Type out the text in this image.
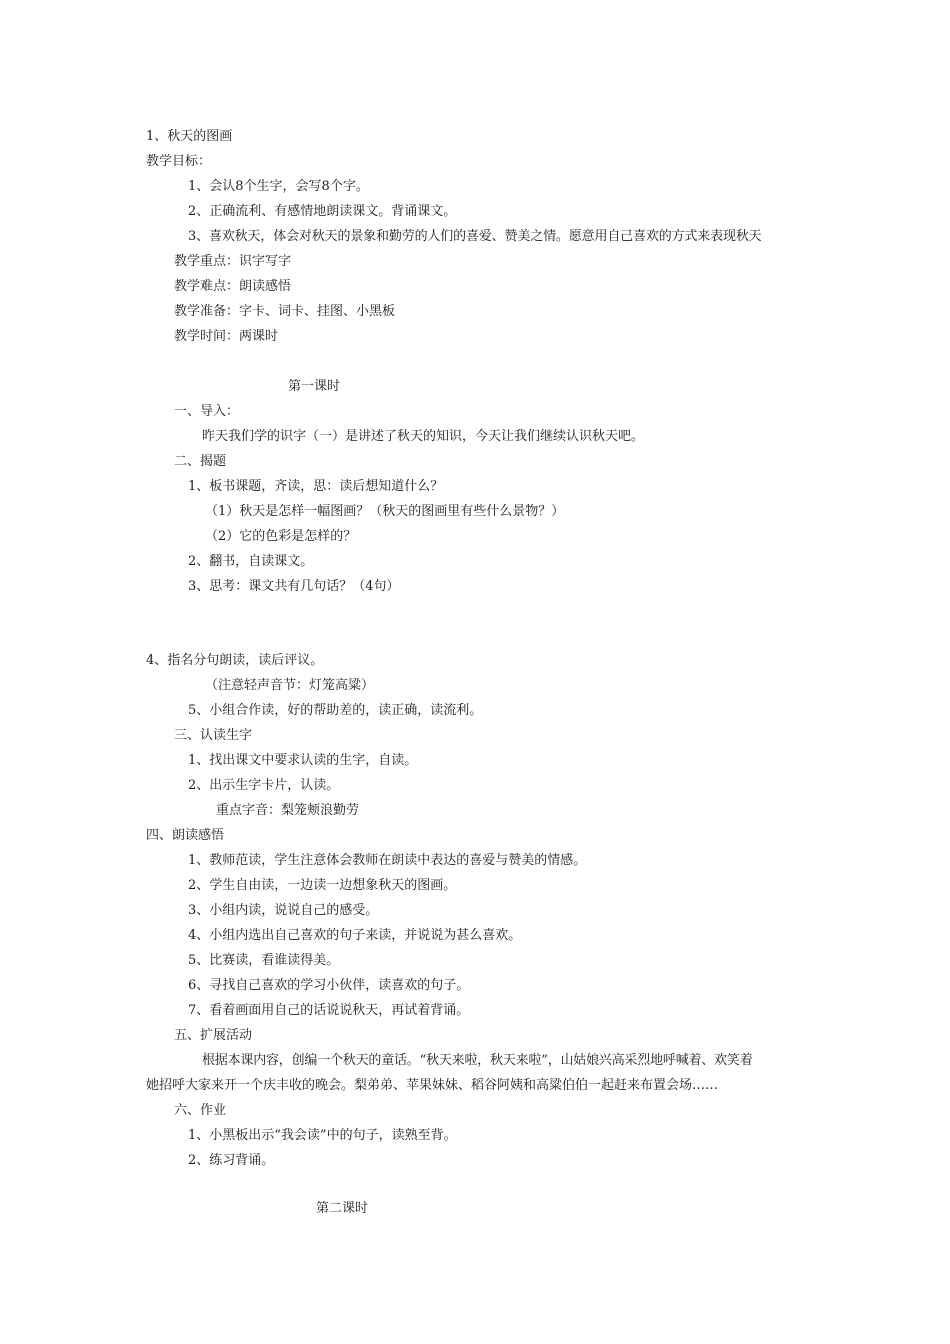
1、秋天的图画
教学目标：
1、会认8个生字，会写8个字。
2、正确流利、有感情地朗读课文。背诵课文。
3、喜欢秋天，体会对秋天的景象和勤劳的人们的喜爱、赞美之情。愿意用自己喜欢的方式来表现秋天
教学重点：识字写字
教学难点：朗读感悟
教学准备：字卡、词卡、挂图、小黑板
教学时间：两课时
第一课时
一、导入：
昨天我们学的识字（一）是讲述了秋天的知识，今天让我们继续认识秋天吧。
二、揭题
1、板书课题，齐读，思：读后想知道什么？
（1）秋天是怎样一幅图画？（秋天的图画里有些什么景物？）
（2）它的色彩是怎样的？
2、翻书，自读课文。
3、思考：课文共有几句话？（4句）
4、指名分句朗读，读后评议。
（注意轻声音节：灯笼高粱）
5、小组合作读，好的帮助差的，读正确，读流利。
三、认读生字
1、找出课文中要求认读的生字，自读。
2、出示生字卡片，认读。
重点字音：梨笼颊浪勤劳
四、朗读感悟
1、教师范读，学生注意体会教师在朗读中表达的喜爱与赞美的情感。
2、学生自由读，一边读一边想象秋天的图画。
3、小组内读，说说自己的感受。
4、小组内选出自己喜欢的句子来读，并说说为甚么喜欢。
5、比赛读，看谁读得美。
6、寻找自己喜欢的学习小伙伴，读喜欢的句子。
7、看着画面用自己的话说说秋天，再试着背诵。
五、扩展活动
根据本课内容，创编一个秋天的童话。“秋天来啦，秋天来啦”，山姑娘兴高采烈地呼喊着、欢笑着
她招呼大家来开一个庆丰收的晚会。梨弟弟、苹果妹妹、稻谷阿姨和高粱伯伯一起赶来布置会场……
六、作业
1、小黑板出示“我会读”中的句子，读熟至背。
2、练习背诵。
第二课时
